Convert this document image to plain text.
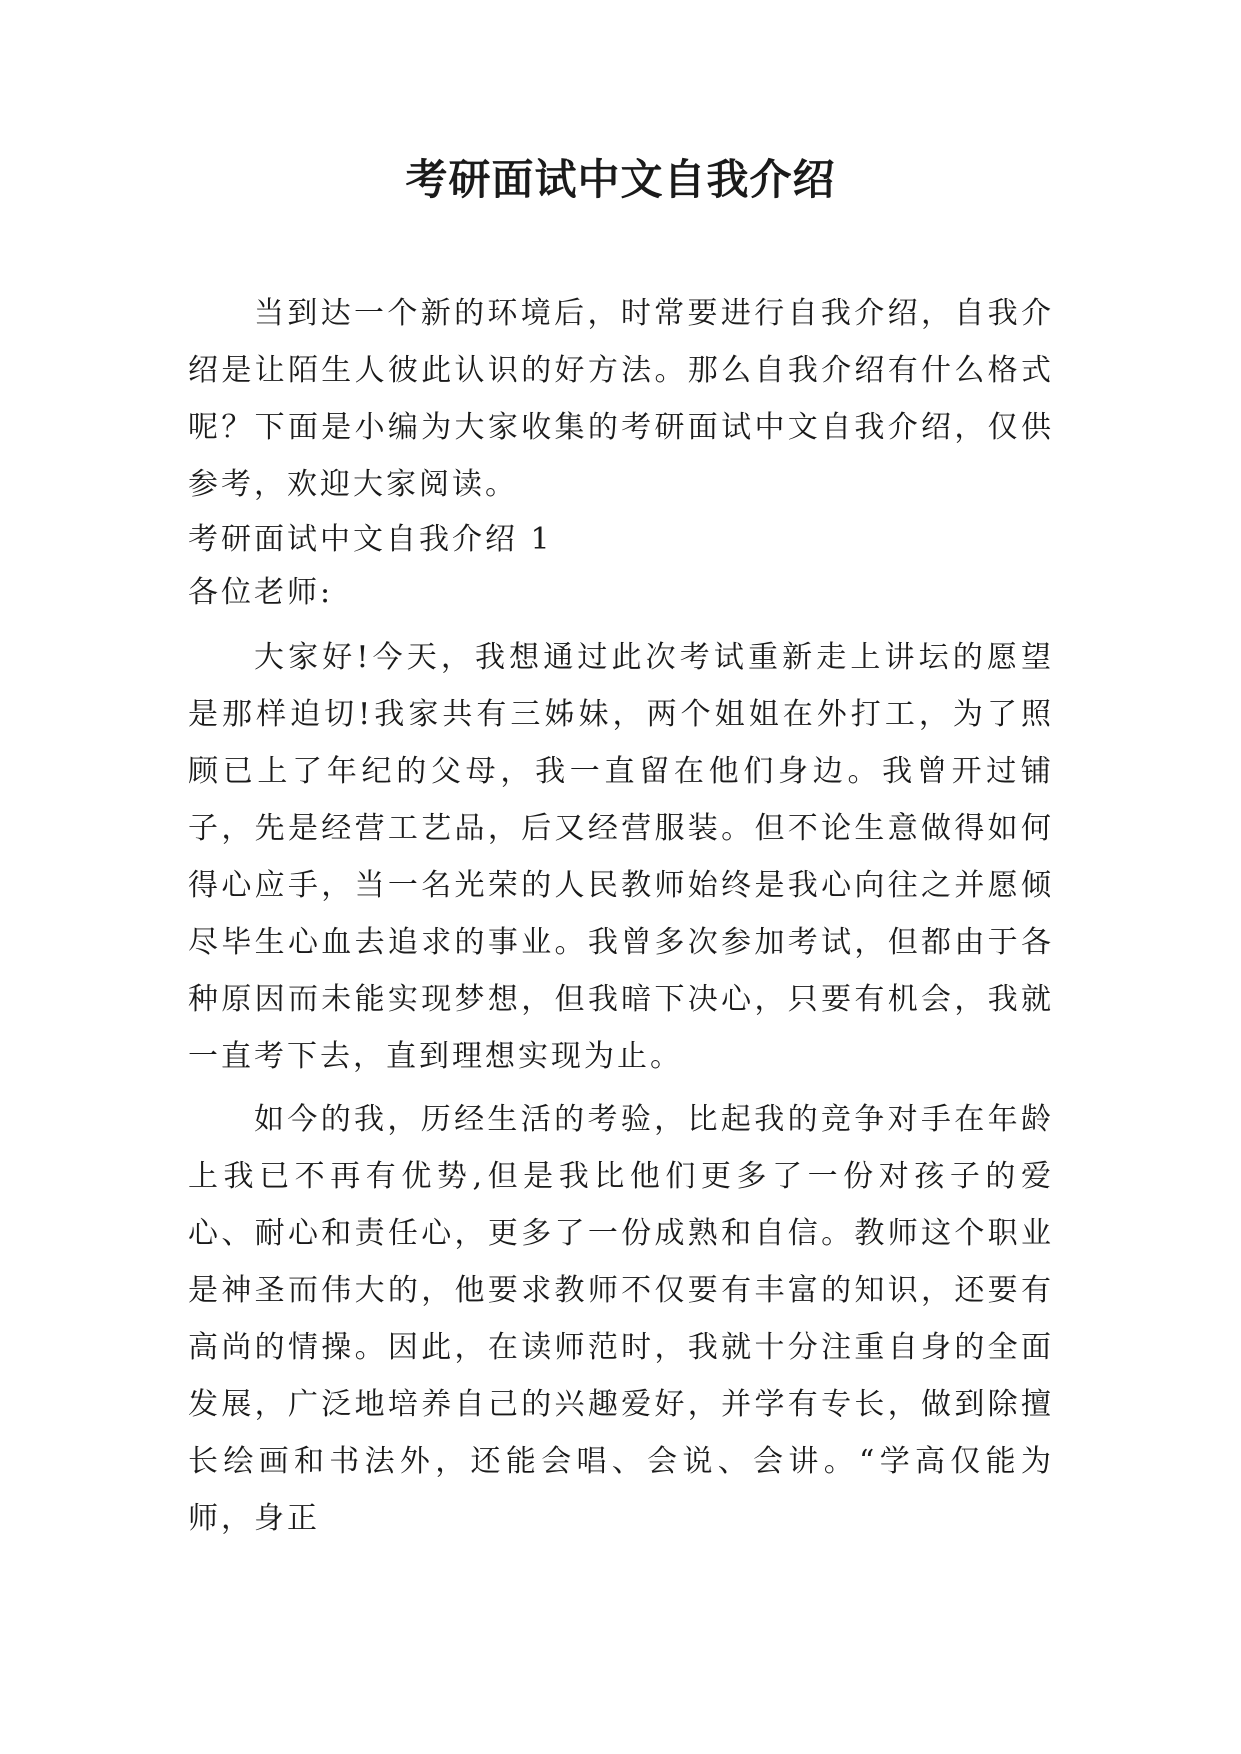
考研面试中文自我介绍

当到达一个新的环境后，时常要进行自我介绍，自我介绍是让陌生人彼此认识的好方法。那么自我介绍有什么格式呢？下面是小编为大家收集的考研面试中文自我介绍，仅供参考，欢迎大家阅读。

考研面试中文自我介绍 1

各位老师:

大家好!今天，我想通过此次考试重新走上讲坛的愿望是那样迫切!我家共有三姊妹，两个姐姐在外打工，为了照顾已上了年纪的父母，我一直留在他们身边。我曾开过铺子，先是经营工艺品，后又经营服装。但不论生意做得如何得心应手，当一名光荣的人民教师始终是我心向往之并愿倾尽毕生心血去追求的事业。我曾多次参加考试，但都由于各种原因而未能实现梦想，但我暗下决心，只要有机会，我就一直考下去，直到理想实现为止。

如今的我，历经生活的考验，比起我的竞争对手在年龄上我已不再有优势,但是我比他们更多了一份对孩子的爱心、耐心和责任心，更多了一份成熟和自信。教师这个职业是神圣而伟大的，他要求教师不仅要有丰富的知识，还要有高尚的情操。因此，在读师范时，我就十分注重自身的全面发展，广泛地培养自己的兴趣爱好，并学有专长，做到除擅长绘画和书法外，还能会唱、会说、会讲。“学高仅能为师，身正
